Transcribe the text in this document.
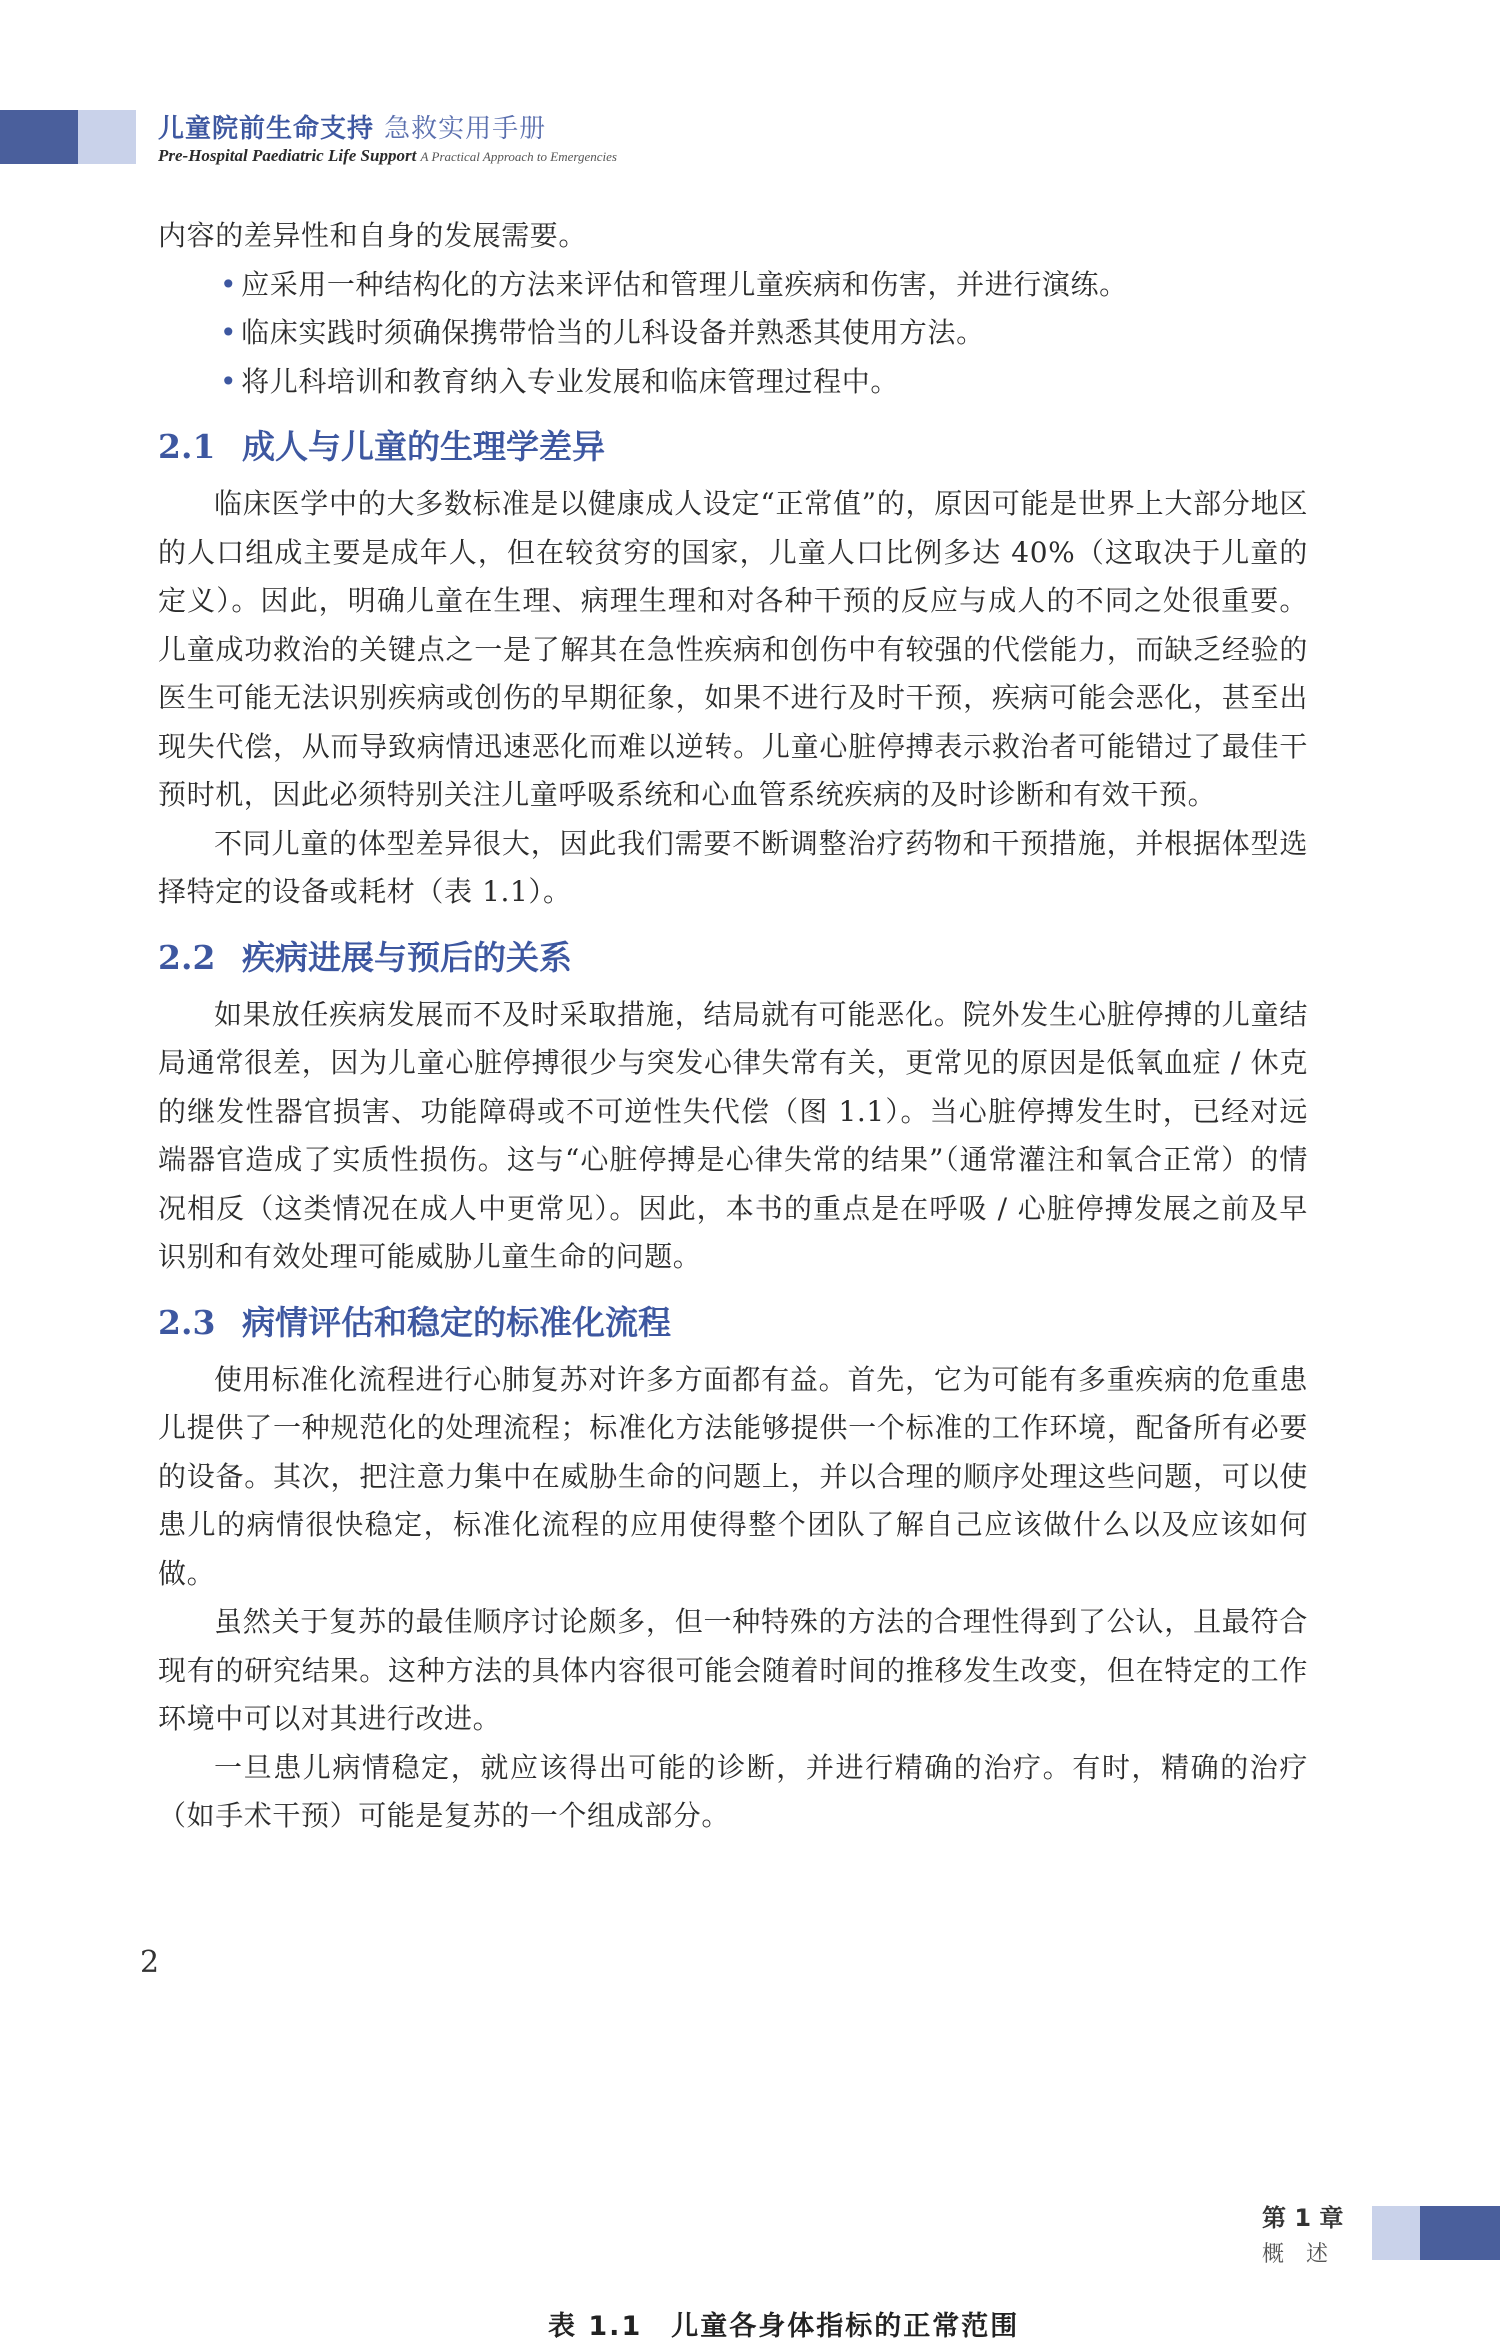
儿童院前生命支持 急救实用手册
Pre-Hospital Paediatric Life Support A Practical Approach to Emergencies

内容的差异性和自身的发展需要。

• 应采用一种结构化的方法来评估和管理儿童疾病和伤害，并进行演练。
• 临床实践时须确保携带恰当的儿科设备并熟悉其使用方法。
• 将儿科培训和教育纳入专业发展和临床管理过程中。
2.1 成人与儿童的生理学差异

临床医学中的大多数标准是以健康成人设定“正常值”的，原因可能是世界上大部分地区的人口组成主要是成年人，但在较贫穷的国家，儿童人口比例多达 40%（这取决于儿童的定义）。因此，明确儿童在生理、病理生理和对各种干预的反应与成人的不同之处很重要。儿童成功救治的关键点之一是了解其在急性疾病和创伤中有较强的代偿能力，而缺乏经验的医生可能无法识别疾病或创伤的早期征象，如果不进行及时干预，疾病可能会恶化，甚至出现失代偿，从而导致病情迅速恶化而难以逆转。儿童心脏停搏表示救治者可能错过了最佳干预时机，因此必须特别关注儿童呼吸系统和心血管系统疾病的及时诊断和有效干预。

不同儿童的体型差异很大，因此我们需要不断调整治疗药物和干预措施，并根据体型选择特定的设备或耗材（表 1.1）。

2.2 疾病进展与预后的关系

如果放任疾病发展而不及时采取措施，结局就有可能恶化。院外发生心脏停搏的儿童结局通常很差，因为儿童心脏停搏很少与突发心律失常有关，更常见的原因是低氧血症 / 休克的继发性器官损害、功能障碍或不可逆性失代偿（图 1.1）。当心脏停搏发生时，已经对远端器官造成了实质性损伤。这与“心脏停搏是心律失常的结果”（通常灌注和氧合正常）的情况相反（这类情况在成人中更常见）。因此，本书的重点是在呼吸 / 心脏停搏发展之前及早识别和有效处理可能威胁儿童生命的问题。

2.3 病情评估和稳定的标准化流程

使用标准化流程进行心肺复苏对许多方面都有益。首先，它为可能有多重疾病的危重患儿提供了一种规范化的处理流程；标准化方法能够提供一个标准的工作环境，配备所有必要的设备。其次，把注意力集中在威胁生命的问题上，并以合理的顺序处理这些问题，可以使患儿的病情很快稳定，标准化流程的应用使得整个团队了解自己应该做什么以及应该如何做。

虽然关于复苏的最佳顺序讨论颇多，但一种特殊的方法的合理性得到了公认，且最符合现有的研究结果。这种方法的具体内容很可能会随着时间的推移发生改变，但在特定的工作环境中可以对其进行改进。

一旦患儿病情稳定，就应该得出可能的诊断，并进行精确的治疗。有时，精确的治疗（如手术干预）可能是复苏的一个组成部分。

2
第 1 章
概述
表 1.1　儿童各身体指标的正常范围
